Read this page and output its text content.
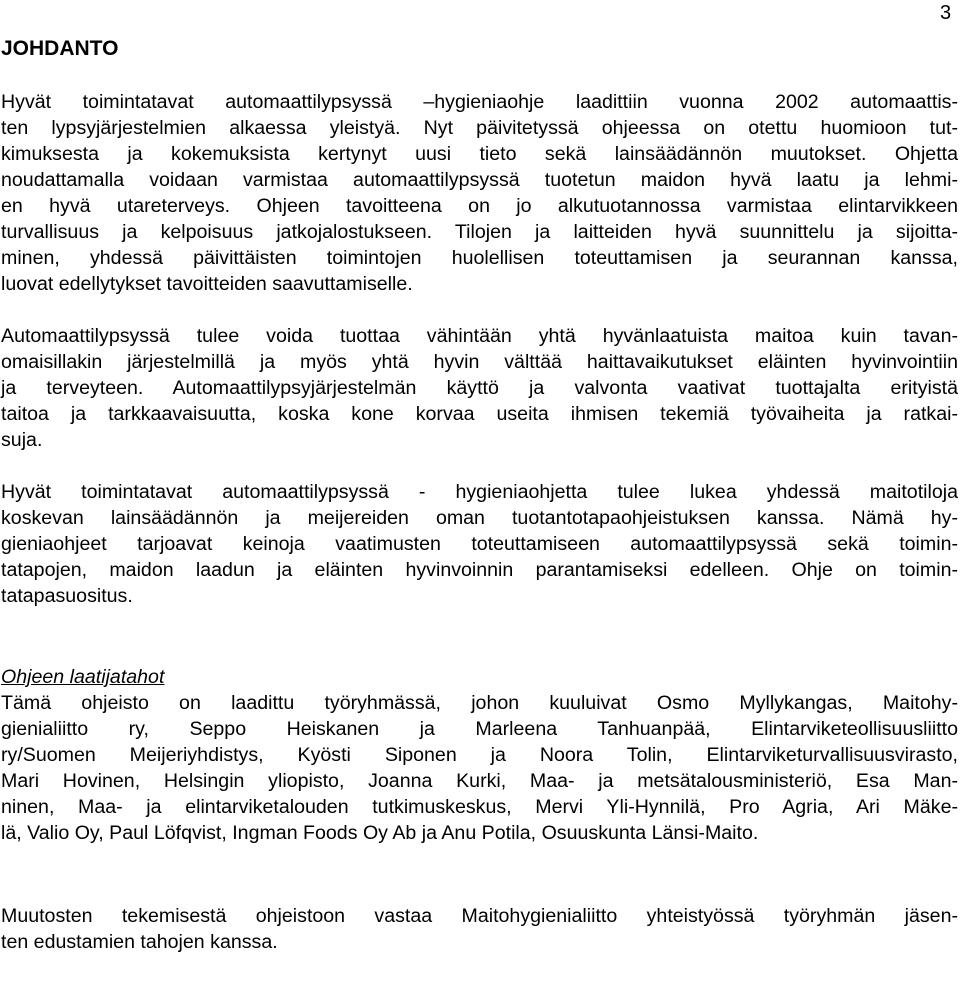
3
JOHDANTO
Hyvät toimintatavat automaattilypsyssä –hygieniaohje laadittiin vuonna 2002 automaattis-
ten lypsyjärjestelmien alkaessa yleistyä. Nyt päivitetyssä ohjeessa on otettu huomioon tut-
kimuksesta ja kokemuksista kertynyt uusi tieto sekä lainsäädännön muutokset. Ohjetta
noudattamalla voidaan varmistaa automaattilypsyssä tuotetun maidon hyvä laatu ja lehmi-
en hyvä utareterveys. Ohjeen tavoitteena on jo alkutuotannossa varmistaa elintarvikkeen
turvallisuus ja kelpoisuus jatkojalostukseen. Tilojen ja laitteiden hyvä suunnittelu ja sijoitta-
minen, yhdessä päivittäisten toimintojen huolellisen toteuttamisen ja seurannan kanssa,
luovat edellytykset tavoitteiden saavuttamiselle.
Automaattilypsyssä tulee voida tuottaa vähintään yhtä hyvänlaatuista maitoa kuin tavan-
omaisillakin järjestelmillä ja myös yhtä hyvin välttää haittavaikutukset eläinten hyvinvointiin
ja terveyteen. Automaattilypsyjärjestelmän käyttö ja valvonta vaativat tuottajalta erityistä
taitoa ja tarkkaavaisuutta, koska kone korvaa useita ihmisen tekemiä työvaiheita ja ratkai-
suja.
Hyvät toimintatavat automaattilypsyssä - hygieniaohjetta tulee lukea yhdessä maitotiloja
koskevan lainsäädännön ja meijereiden oman tuotantotapaohjeistuksen kanssa. Nämä hy-
gieniaohjeet tarjoavat keinoja vaatimusten toteuttamiseen automaattilypsyssä sekä toimin-
tatapojen, maidon laadun ja eläinten hyvinvoinnin parantamiseksi edelleen. Ohje on toimin-
tatapasuositus.
Ohjeen laatijatahot
Tämä ohjeisto on laadittu työryhmässä, johon kuuluivat Osmo Myllykangas, Maitohy-
gienialiitto ry, Seppo Heiskanen ja Marleena Tanhuanpää, Elintarviketeollisuusliitto
ry/Suomen Meijeriyhdistys, Kyösti Siponen ja Noora Tolin, Elintarviketurvallisuusvirasto,
Mari Hovinen, Helsingin yliopisto, Joanna Kurki, Maa- ja metsätalousministeriö, Esa Man-
ninen, Maa- ja elintarviketalouden tutkimuskeskus, Mervi Yli-Hynnilä, Pro Agria, Ari Mäke-
lä, Valio Oy, Paul Löfqvist, Ingman Foods Oy Ab ja Anu Potila, Osuuskunta Länsi-Maito.
Muutosten tekemisestä ohjeistoon vastaa Maitohygienialiitto yhteistyössä työryhmän jäsen-
ten edustamien tahojen kanssa.
